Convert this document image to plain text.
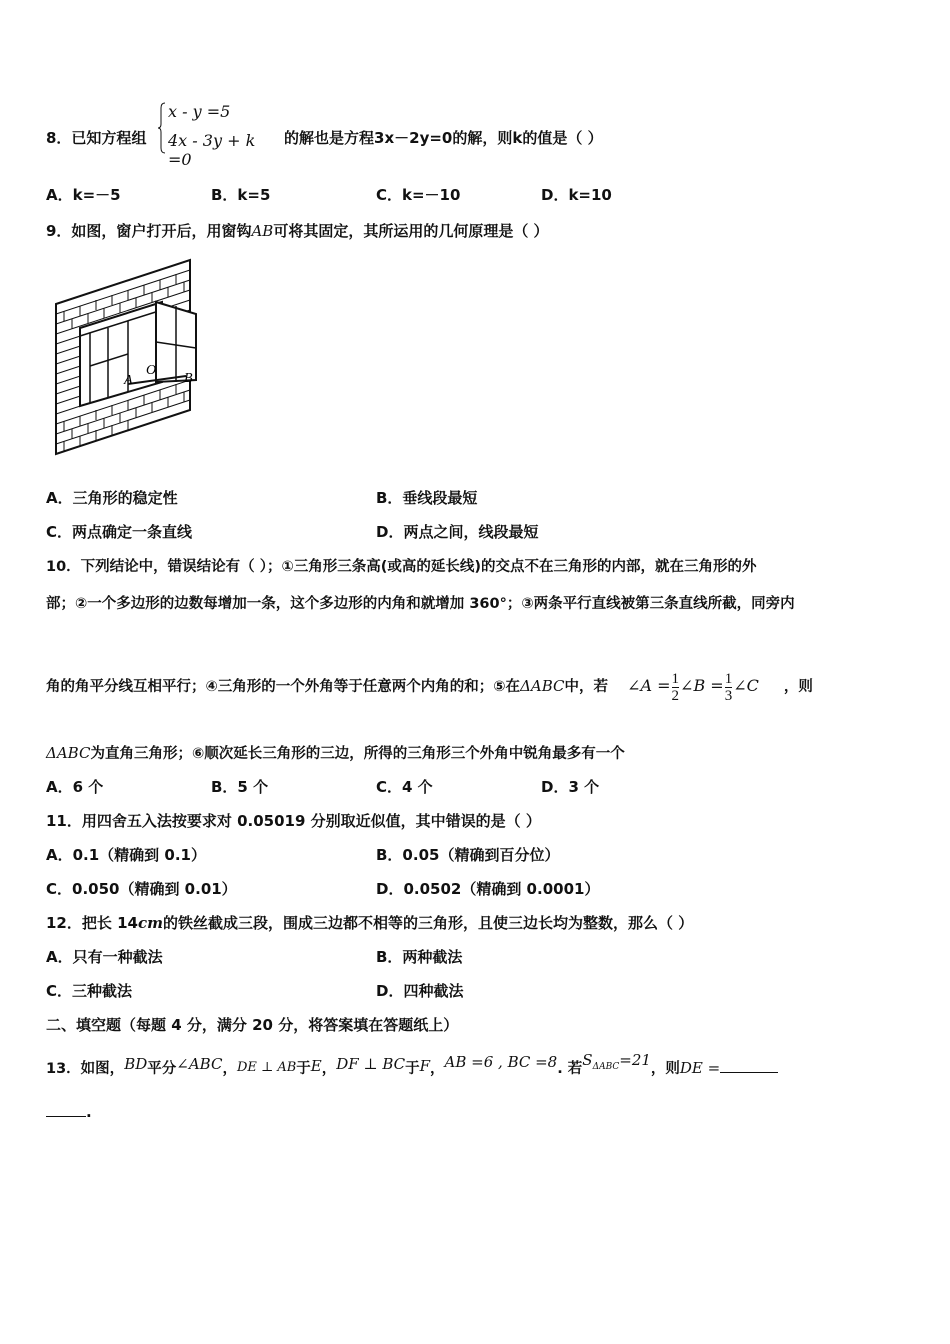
8．已知方程组
x - y =5
4x - 3y + k =0
的解也是方程3x－2y=0的解，则k的值是（ ）
A．k=－5	B．k=5	C．k=－10	D．k=10
9．如图，窗户打开后，用窗钩AB可将其固定，其所运用的几何原理是（ ）
A
O
B
A．三角形的稳定性	B．垂线段最短
C．两点确定一条直线	D．两点之间，线段最短
10．下列结论中，错误结论有（ ）；①三角形三条高(或高的延长线)的交点不在三角形的内部，就在三角形的外
部；②一个多边形的边数每增加一条，这个多边形的内角和就增加 360°；③两条平行直线被第三条直线所截，同旁内
角的角平分线互相平行；④三角形的一个外角等于任意两个内角的和；⑤在ΔABC中，若 ∠A = $\frac{1}{2}$ ∠B = $\frac{1}{3}$ ∠C ，则
ΔABC为直角三角形；⑥顺次延长三角形的三边，所得的三角形三个外角中锐角最多有一个
A．6 个	B．5 个	C．4 个	D．3 个
11．用四舍五入法按要求对 0.05019 分别取近似值，其中错误的是（ ）
A．0.1（精确到 0.1）	B．0.05（精确到百分位）
C．0.050（精确到 0.01）	D．0.0502（精确到 0.0001）
12．把长 14cm的铁丝截成三段，围成三边都不相等的三角形，且使三边长均为整数，那么（ ）
A．只有一种截法	B．两种截法
C．三种截法	D．四种截法
二、填空题（每题 4 分，满分 20 分，将答案填在答题纸上）
13．如图，BD平分∠ABC，DE ⊥ AB于E，DF ⊥ BC于F，AB =6 , BC =8. 若$S^{\Delta ABC}=21$，则DE =
.
